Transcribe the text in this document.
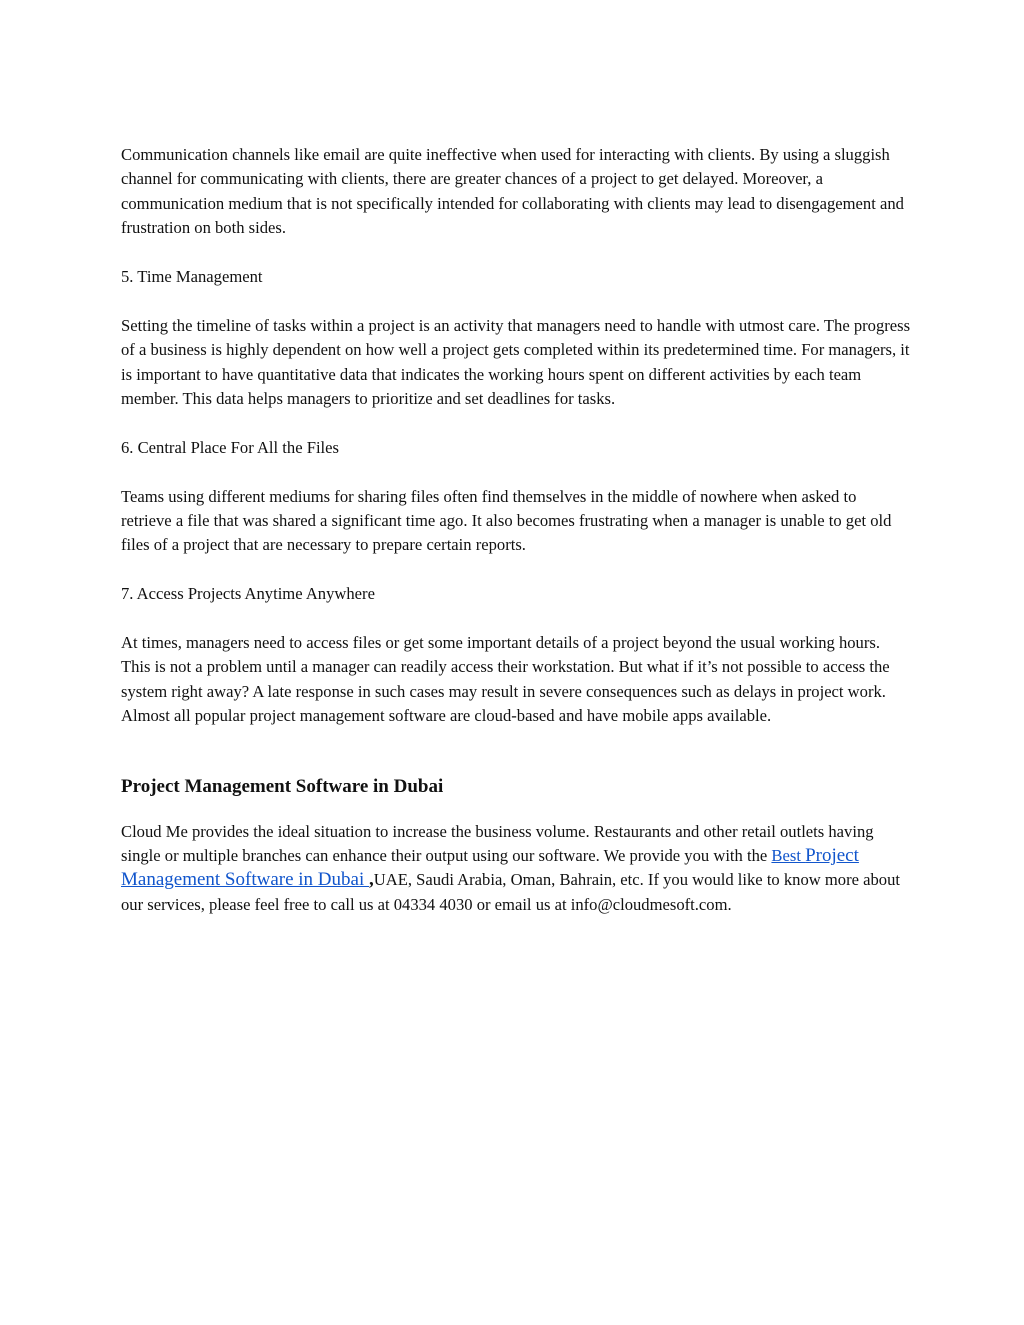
Communication channels like email are quite ineffective when used for interacting with clients. By using a sluggish channel for communicating with clients, there are greater chances of a project to get delayed. Moreover, a communication medium that is not specifically intended for collaborating with clients may lead to disengagement and frustration on both sides.

5. Time Management

Setting the timeline of tasks within a project is an activity that managers need to handle with utmost care. The progress of a business is highly dependent on how well a project gets completed within its predetermined time. For managers, it is important to have quantitative data that indicates the working hours spent on different activities by each team member. This data helps managers to prioritize and set deadlines for tasks.

6. Central Place For All the Files

Teams using different mediums for sharing files often find themselves in the middle of nowhere when asked to retrieve a file that was shared a significant time ago. It also becomes frustrating when a manager is unable to get old files of a project that are necessary to prepare certain reports.

7. Access Projects Anytime Anywhere

At times, managers need to access files or get some important details of a project beyond the usual working hours. This is not a problem until a manager can readily access their workstation. But what if it’s not possible to access the system right away? A late response in such cases may result in severe consequences such as delays in project work. Almost all popular project management software are cloud-based and have mobile apps available.

Project Management Software in Dubai

Cloud Me provides the ideal situation to increase the business volume. Restaurants and other retail outlets having single or multiple branches can enhance their output using our software. We provide you with the Best Project Management Software in Dubai ,UAE, Saudi Arabia, Oman, Bahrain, etc. If you would like to know more about our services, please feel free to call us at 04334 4030 or email us at info@cloudmesoft.com.
